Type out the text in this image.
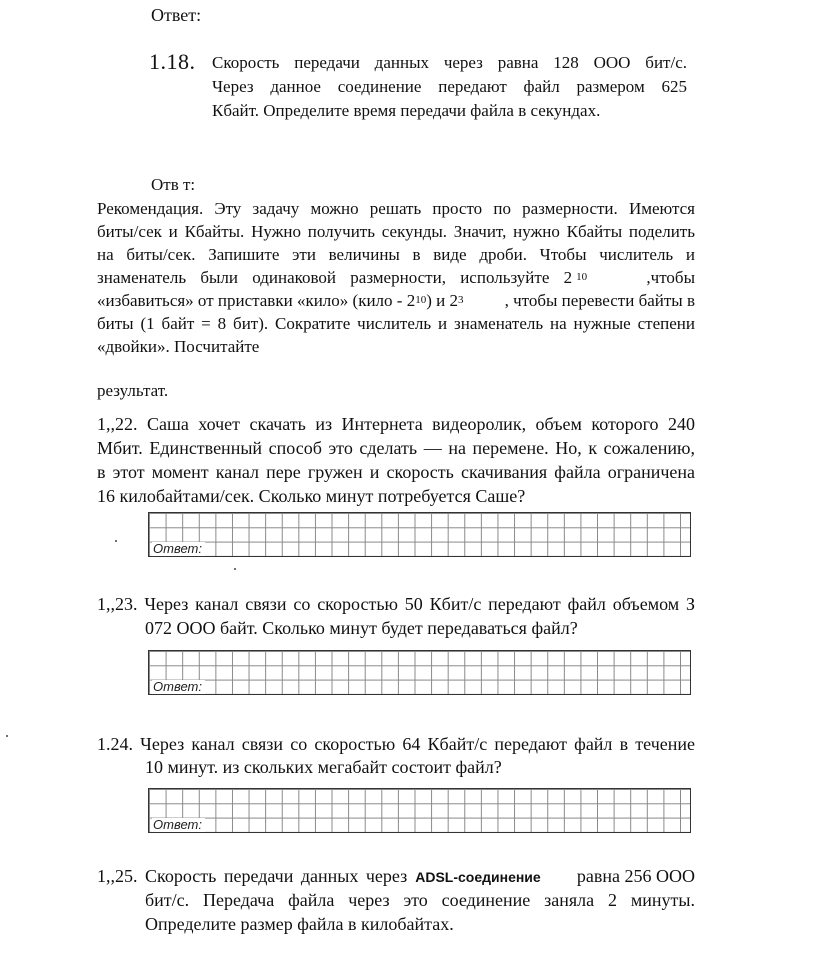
Ответ:
1.18. Скорость передачи данных через равна 128 ООО бит/с.
Через данное соединение передают файл размером 625
Кбайт. Определите время передачи файла в секундах.
Отв т:
Рекомендация. Эту задачу можно решать просто по размерности. Имеются
биты/сек и Кбайты. Нужно получить секунды. Значит, нужно Кбайты поделить
на биты/сек. Запишите эти величины в виде дроби. Чтобы числитель и
знаменатель были одинаковой размерности, используйте 2 10	,чтобы
«избавиться» от приставки «кило» (кило - 2 10 ) и 2 3 , чтобы перевести байты в
биты (1 байт = 8 бит). Сократите числитель и знаменатель на нужные степени
«двойки». Посчитайте
результат.
1,,22. Саша хочет скачать из Интернета видеоролик, объем которого 240
Мбит. Единственный способ это сделать — на перемене. Но, к сожалению,
в этот момент канал пере гружен и скорость скачивания файла ограничена
16 килобайтами/сек. Сколько минут потребуется Саше?
Ответ:
1,,23. Через канал связи со скоростью 50 Кбит/с передают файл объемом З
072 ООО байт. Сколько минут будет передаваться файл?
Ответ:
1.24. Через канал связи со скоростью 64 Кбайт/с передают файл в течение
10 минут. из скольких мегабайт состоит файл?
Ответ:
1,,25. Скорость передачи данных через ADSL-соединение равна 256 ООО
бит/с. Передача файла через это соединение заняла 2 минуты.
Определите размер файла в килобайтах.
